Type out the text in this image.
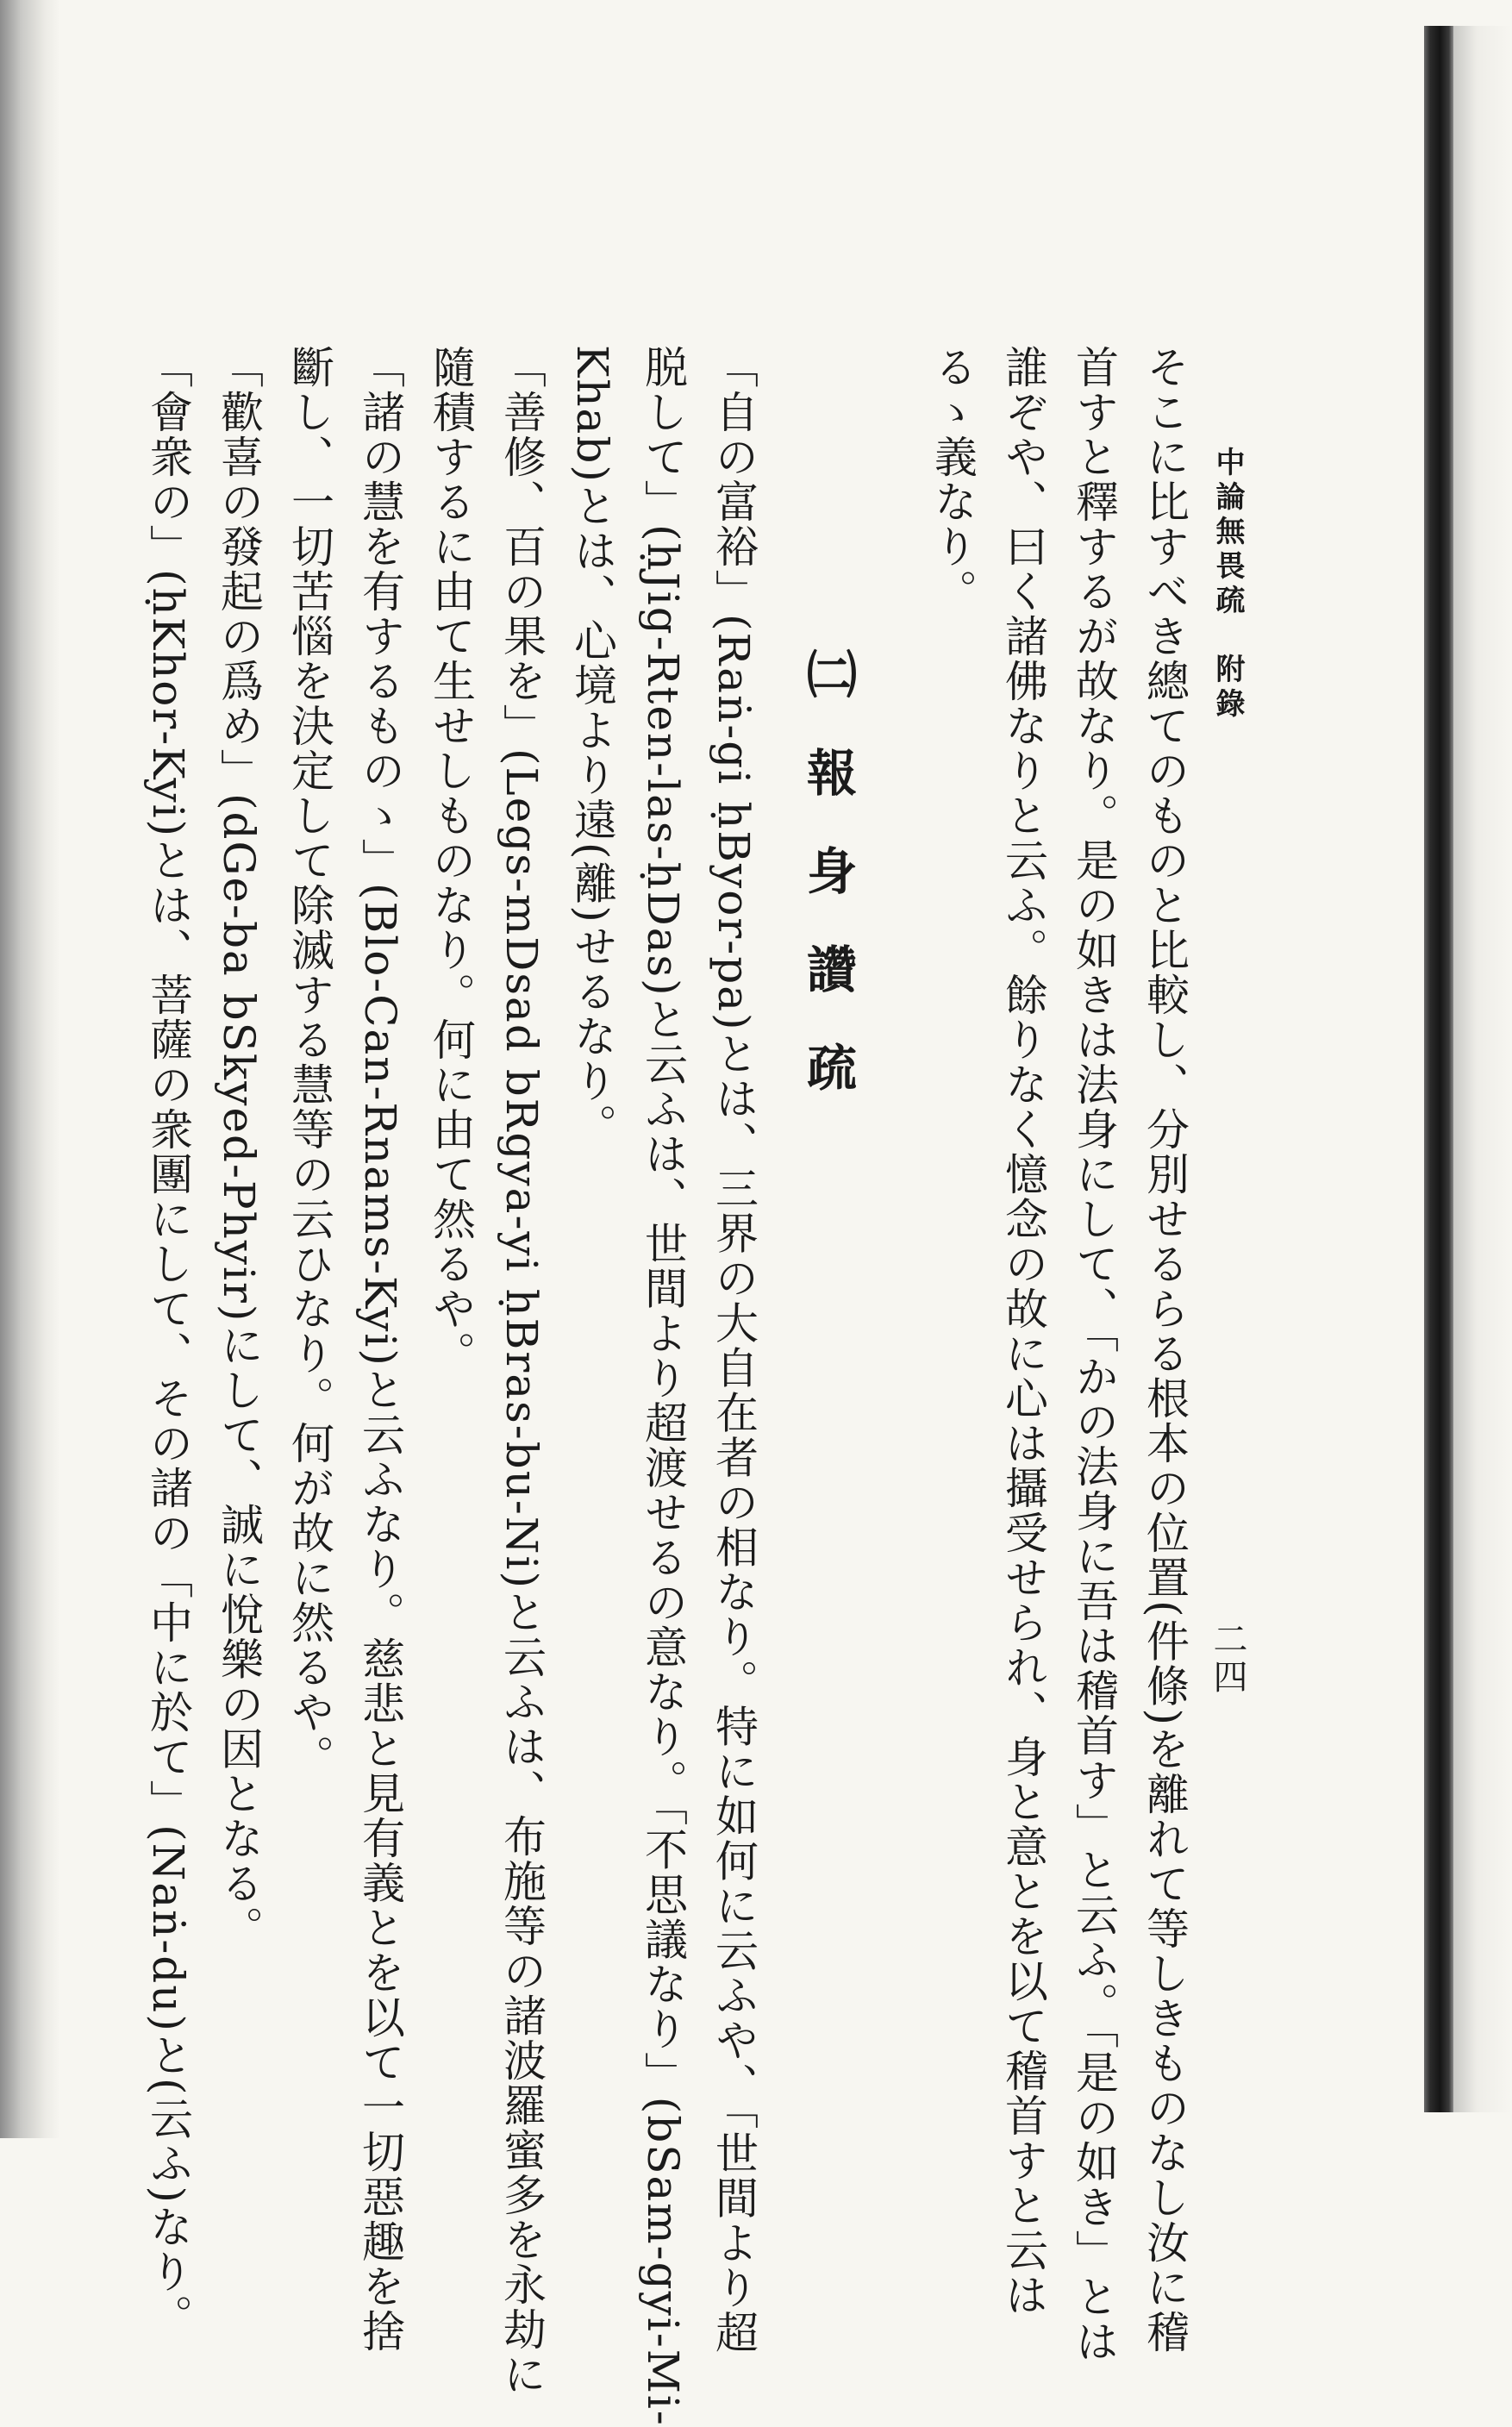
中論無畏疏　附錄
二四
㈡報身讚疏	そこに比すべき總てのものと比較し、分別せるらる根本の位置(件條)を離れて等しきものなし汝に稽
首すと釋するが故なり。是の如きは法身にして、「かの法身に吾は稽首す」と云ふ。「是の如き」とは
誰ぞや、曰く諸佛なりと云ふ。餘りなく憶念の故に心は攝受せられ、身と意とを以て稽首すと云は
るゝ義なり。
「自の富裕」(Raṅ-gi ḥByor-pa)とは、三界の大自在者の相なり。特に如何に云ふや、「世間より超
脱して」(ḥJig-Rten-las-ḥDas)と云ふは、世間より超渡せるの意なり。「不思議なり」(bSam-gyi-Mi-
Khab)とは、心境より遠(離)せるなり。
「善修、百の果を」(Legs-mDsad bRgya-yi ḥBras-bu-Ni)と云ふは、布施等の諸波羅蜜多を永劫に
隨積するに由て生せしものなり。何に由て然るや。
「諸の慧を有するものゝ」(Blo-Can-Rnams-Kyi)と云ふなり。慈悲と見有義とを以て一切惡趣を捨
斷し、一切苦惱を決定して除滅する慧等の云ひなり。何が故に然るや。
「歡喜の發起の爲め」(dGe-ba bSkyed-Phyir)にして、誠に悅樂の因となる。
「會衆の」(ḥKhor-Kyi)とは、菩薩の衆團にして、その諸の「中に於て」(Naṅ-du)と(云ふ)なり。
